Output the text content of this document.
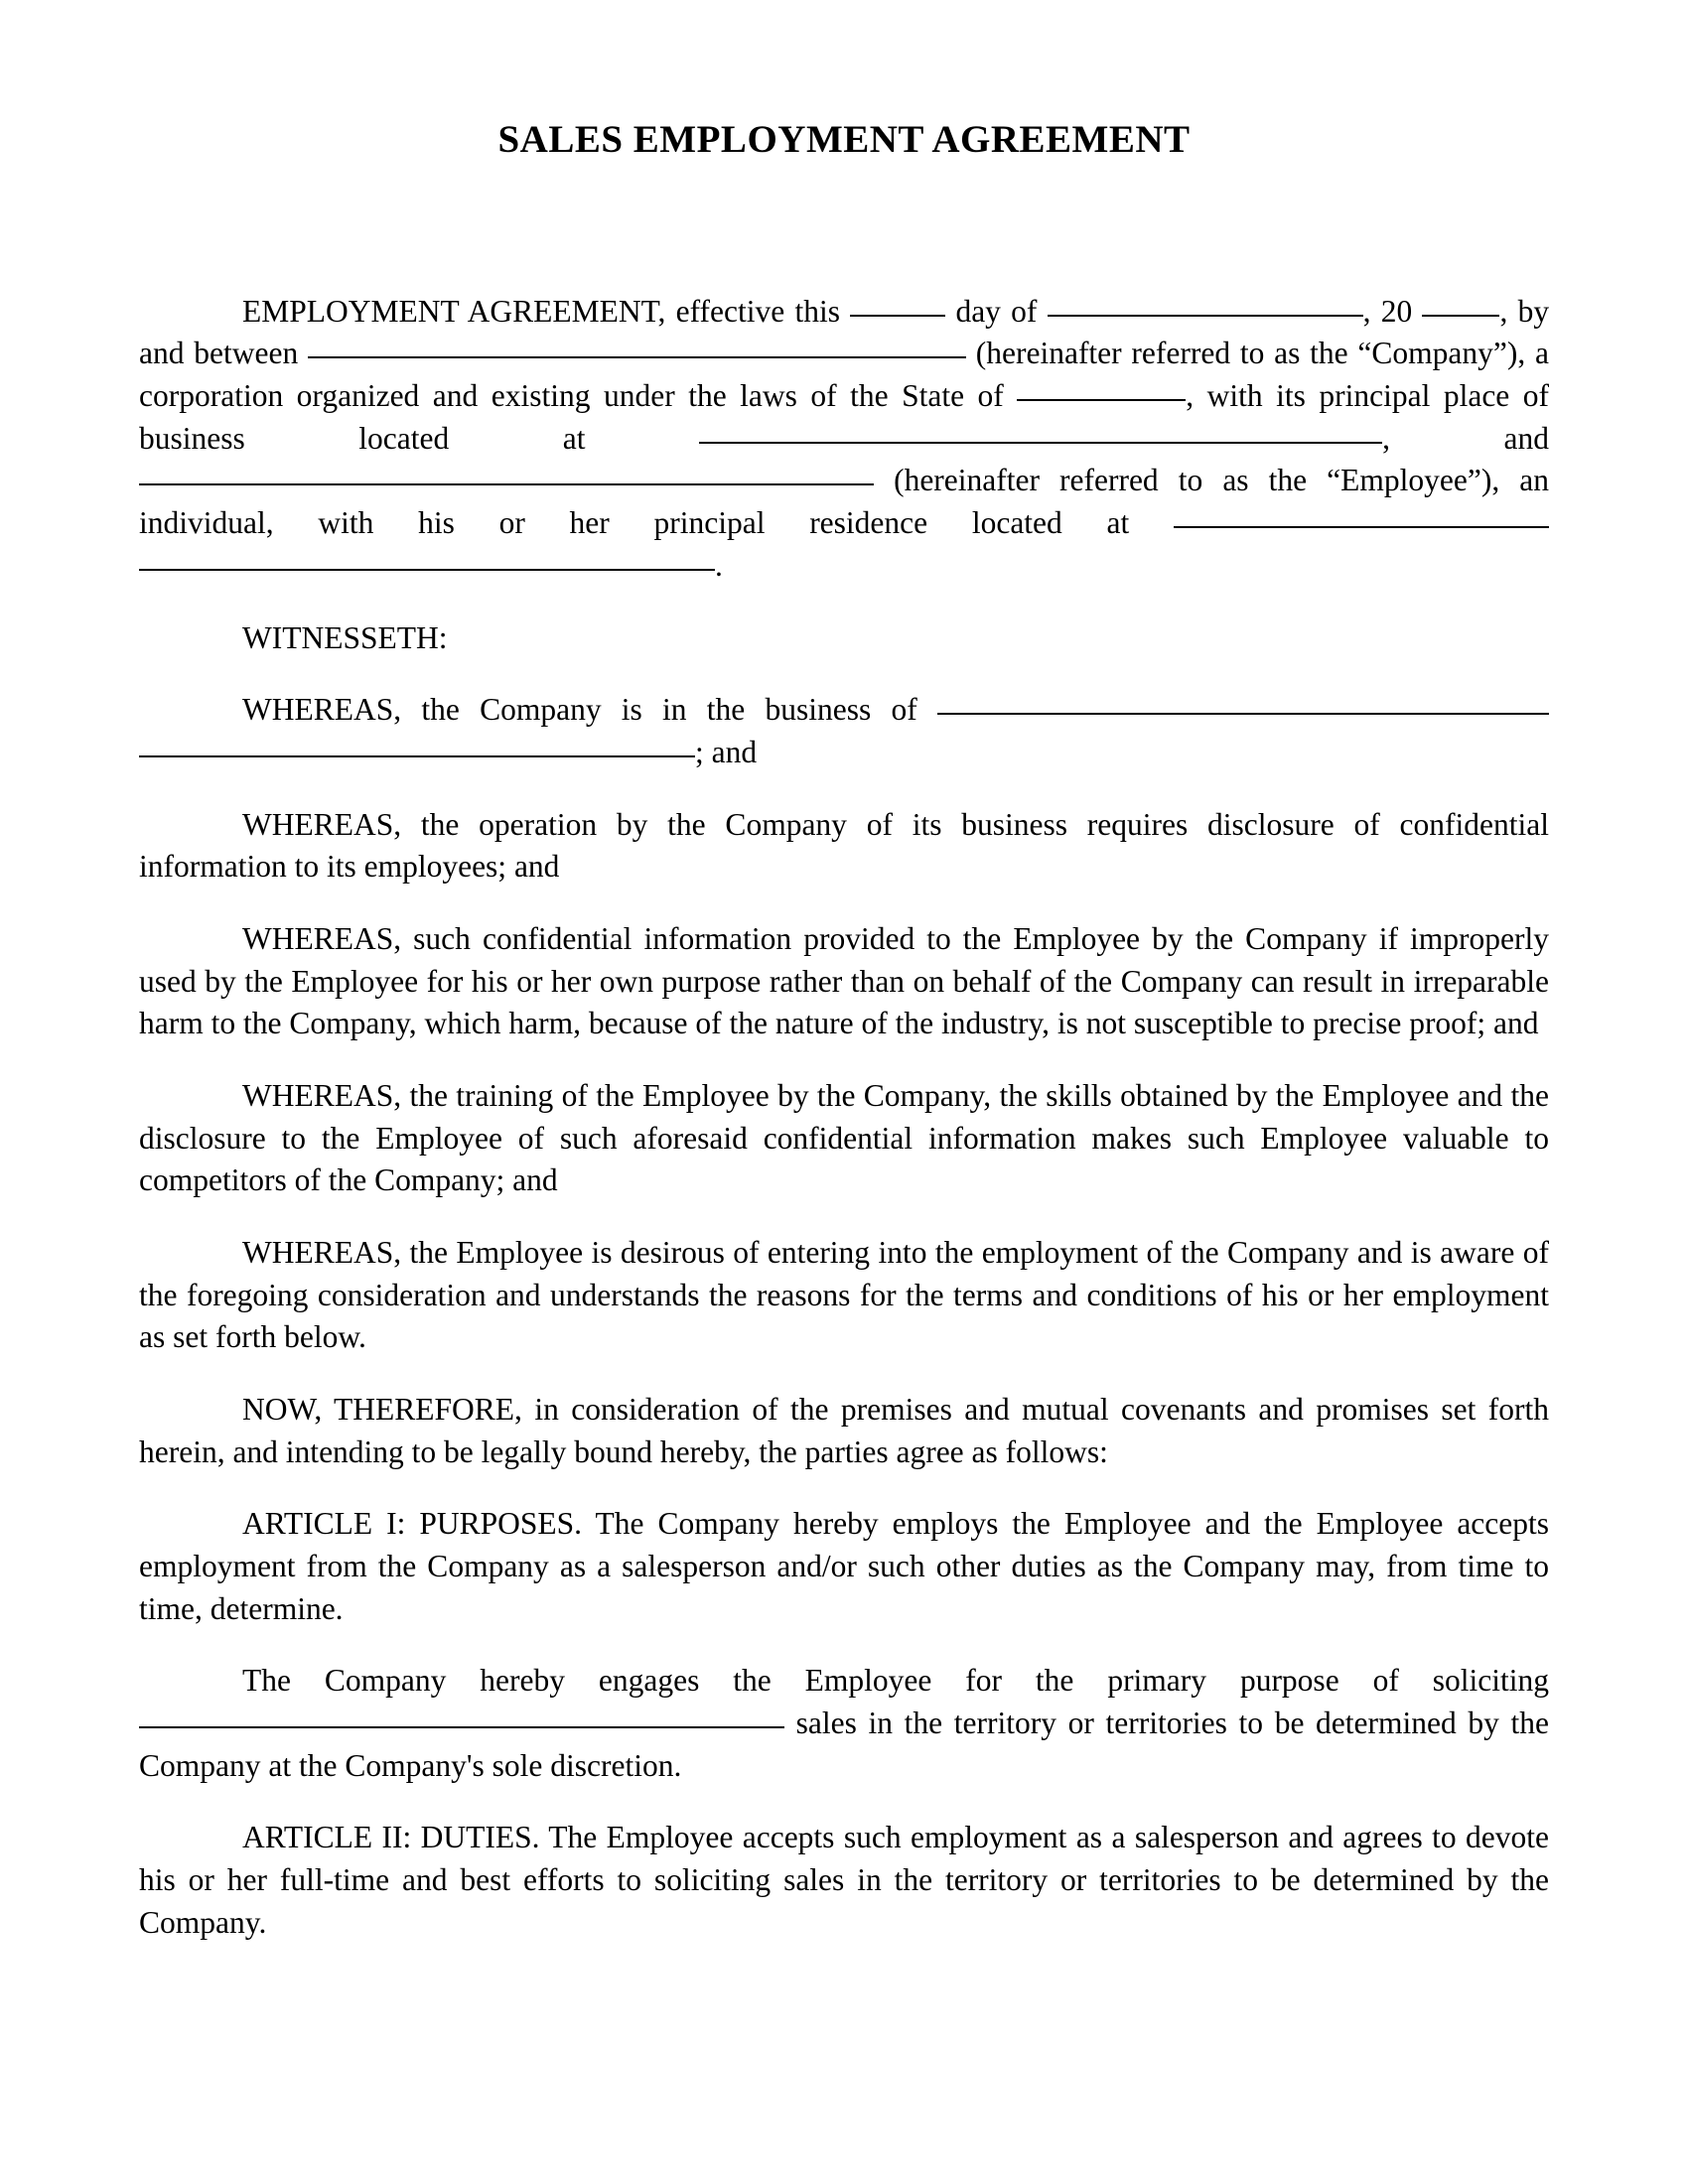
SALES EMPLOYMENT AGREEMENT

EMPLOYMENT AGREEMENT, effective this	day of	, 20	, by and between	(hereinafter referred to as the “Company”), a corporation organized and existing under the laws of the State of	, with its principal place of business located at	, and  (hereinafter referred to as the “Employee”), an individual, with his or her principal residence located at  .

WITNESSETH:

WHEREAS, the Company is in the business of  ; and

WHEREAS, the operation by the Company of its business requires disclosure of confidential information to its employees; and

WHEREAS, such confidential information provided to the Employee by the Company if improperly used by the Employee for his or her own purpose rather than on behalf of the Company can result in irreparable harm to the Company, which harm, because of the nature of the industry, is not susceptible to precise proof; and

WHEREAS, the training of the Employee by the Company, the skills obtained by the Employee and the disclosure to the Employee of such aforesaid confidential information makes such Employee valuable to competitors of the Company; and

WHEREAS, the Employee is desirous of entering into the employment of the Company and is aware of the foregoing consideration and understands the reasons for the terms and conditions of his or her employment as set forth below.

NOW, THEREFORE, in consideration of the premises and mutual covenants and promises set forth herein, and intending to be legally bound hereby, the parties agree as follows:

ARTICLE I: PURPOSES. The Company hereby employs the Employee and the Employee accepts employment from the Company as a salesperson and/or such other duties as the Company may, from time to time, determine.

The Company hereby engages the Employee for the primary purpose of soliciting  sales in the territory or territories to be determined by the Company at the Company's sole discretion.

ARTICLE II: DUTIES. The Employee accepts such employment as a salesperson and agrees to devote his or her full-time and best efforts to soliciting sales in the territory or territories to be determined by the Company.
